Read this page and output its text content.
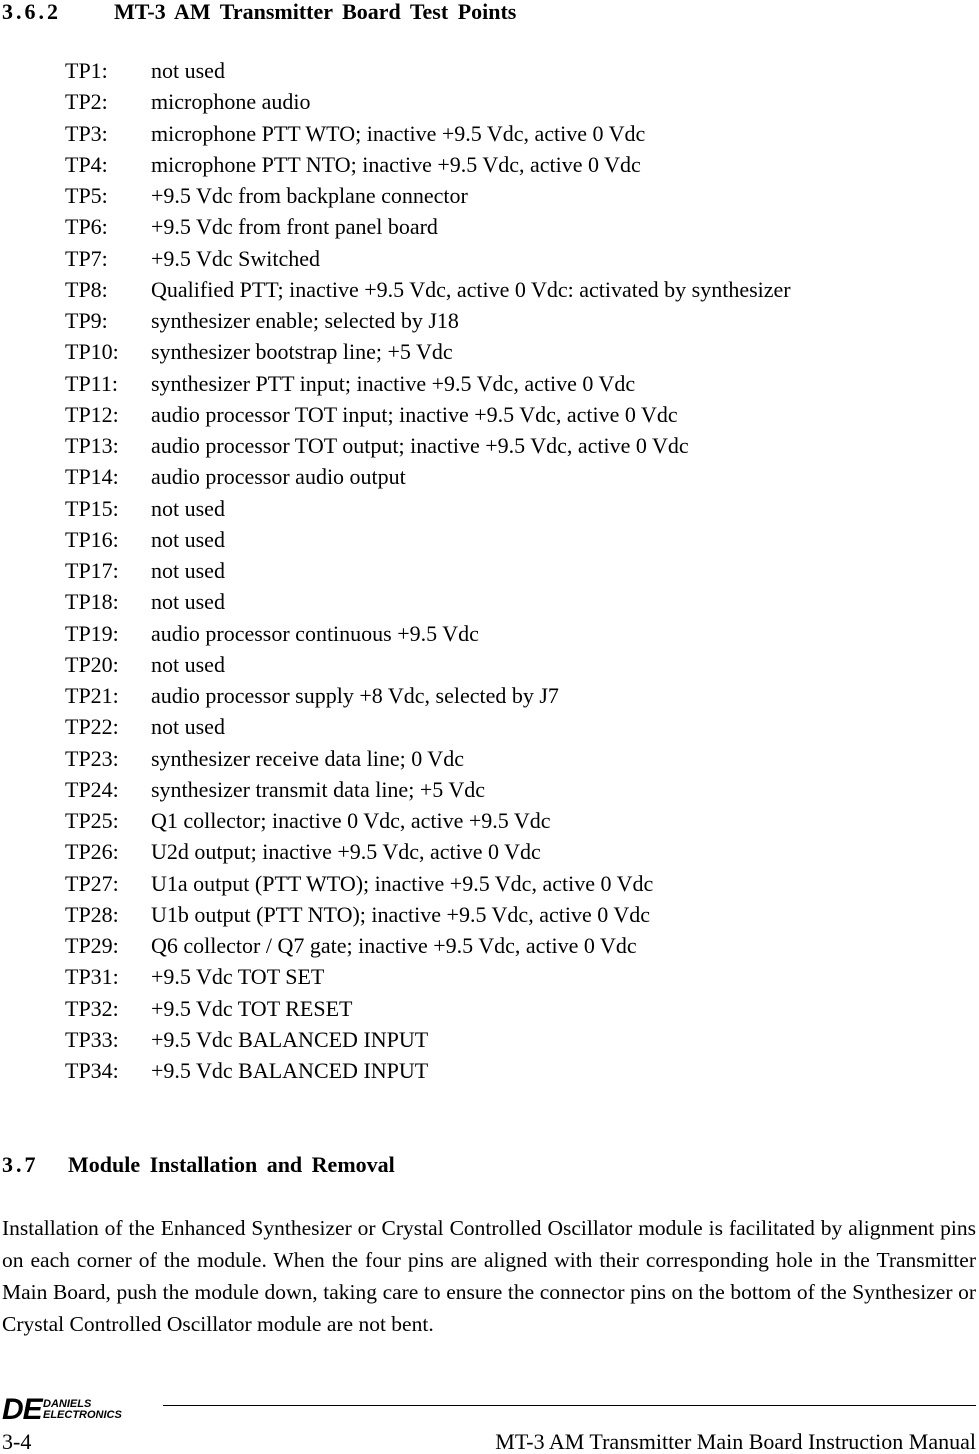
3.6.2 MT-3 AM Transmitter Board Test Points
TP1: not used
TP2: microphone audio
TP3: microphone PTT WTO; inactive +9.5 Vdc, active 0 Vdc
TP4: microphone PTT NTO; inactive +9.5 Vdc, active 0 Vdc
TP5: +9.5 Vdc from backplane connector
TP6: +9.5 Vdc from front panel board
TP7: +9.5 Vdc Switched
TP8: Qualified PTT; inactive +9.5 Vdc, active 0 Vdc: activated by synthesizer
TP9: synthesizer enable; selected by J18
TP10: synthesizer bootstrap line; +5 Vdc
TP11: synthesizer PTT input; inactive +9.5 Vdc, active 0 Vdc
TP12: audio processor TOT input; inactive +9.5 Vdc, active 0 Vdc
TP13: audio processor TOT output; inactive +9.5 Vdc, active 0 Vdc
TP14: audio processor audio output
TP15: not used
TP16: not used
TP17: not used
TP18: not used
TP19: audio processor continuous +9.5 Vdc
TP20: not used
TP21: audio processor supply +8 Vdc, selected by J7
TP22: not used
TP23: synthesizer receive data line; 0 Vdc
TP24: synthesizer transmit data line; +5 Vdc
TP25: Q1 collector; inactive 0 Vdc, active +9.5 Vdc
TP26: U2d output; inactive +9.5 Vdc, active 0 Vdc
TP27: U1a output (PTT WTO); inactive +9.5 Vdc, active 0 Vdc
TP28: U1b output (PTT NTO); inactive +9.5 Vdc, active 0 Vdc
TP29: Q6 collector / Q7 gate; inactive +9.5 Vdc, active 0 Vdc
TP31: +9.5 Vdc TOT SET
TP32: +9.5 Vdc TOT RESET
TP33: +9.5 Vdc BALANCED INPUT
TP34: +9.5 Vdc BALANCED INPUT
3.7 Module Installation and Removal

Installation of the Enhanced Synthesizer or Crystal Controlled Oscillator module is facilitated by alignment pins on each corner of the module. When the four pins are aligned with their corresponding hole in the Transmitter Main Board, push the module down, taking care to ensure the connector pins on the bottom of the Synthesizer or Crystal Controlled Oscillator module are not bent.

DE DANIELS
ELECTRONICS
3-4	MT-3 AM Transmitter Main Board Instruction Manual
